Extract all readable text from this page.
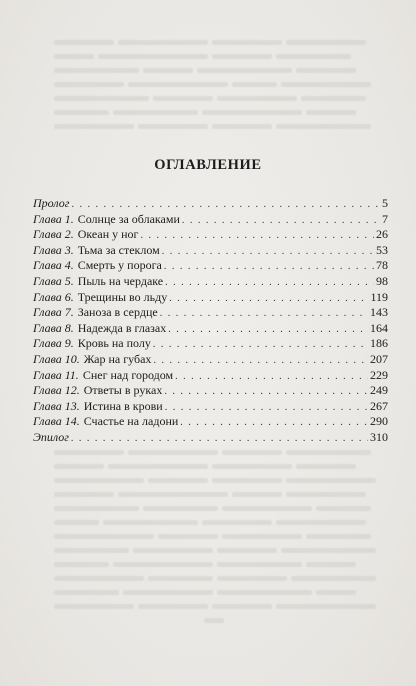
ОГЛАВЛЕНИЕ
Пролог . . .	5
Глава 1. Солнце за облаками . . .	7
Глава 2. Океан у ног . . .	26
Глава 3. Тьма за стеклом . . .	53
Глава 4. Смерть у порога . . .	78
Глава 5. Пыль на чердаке . . .	98
Глава 6. Трещины во льду . . .	119
Глава 7. Заноза в сердце . . .	143
Глава 8. Надежда в глазах . . .	164
Глава 9. Кровь на полу . . .	186
Глава 10. Жар на губах . . .	207
Глава 11. Снег над городом . . .	229
Глава 12. Ответы в руках . . .	249
Глава 13. Истина в крови . . .	267
Глава 14. Счастье на ладони . . .	290
Эпилог . . .	310
